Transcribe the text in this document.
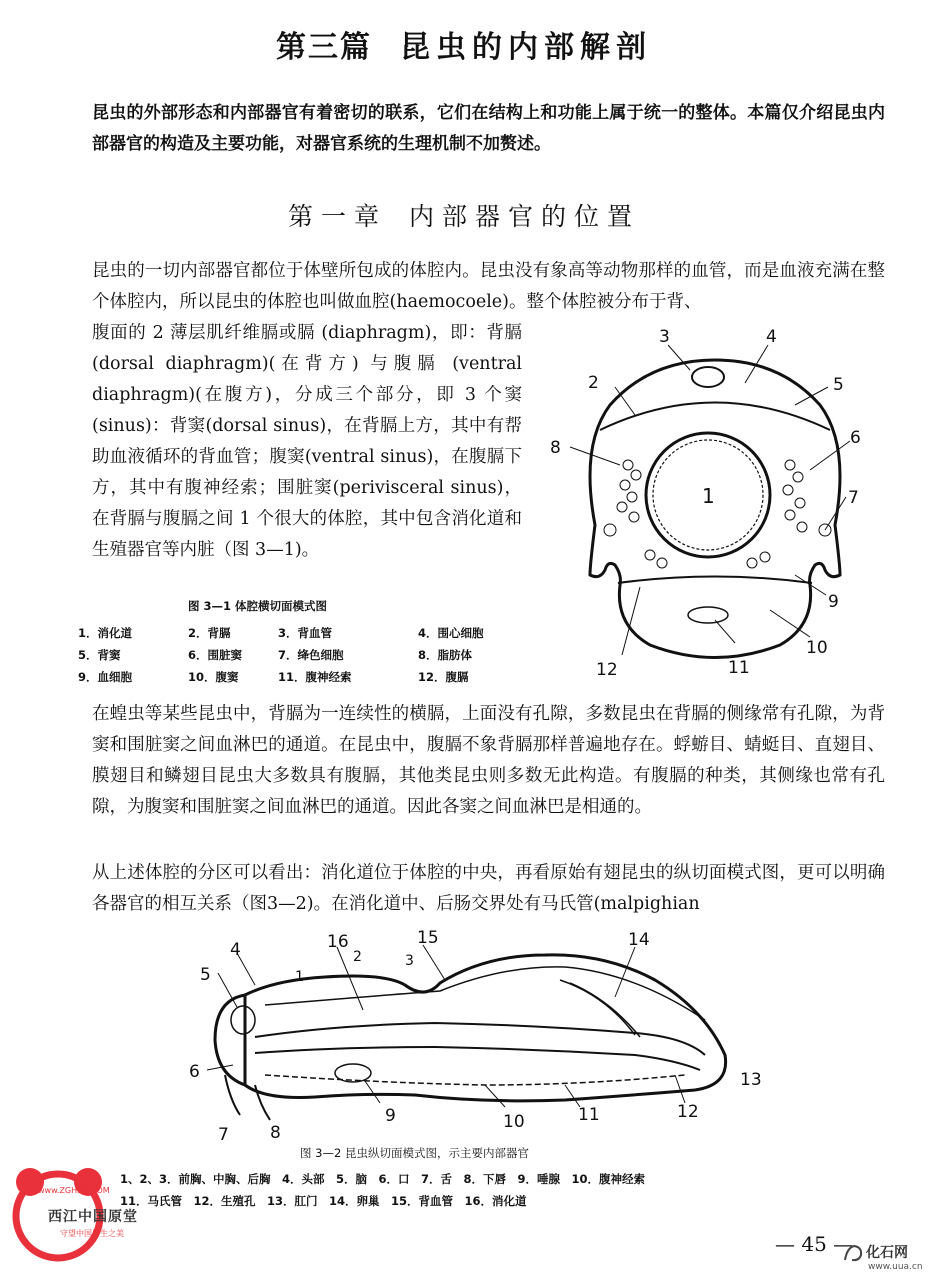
第三篇 昆虫的内部解剖
昆虫的外部形态和内部器官有着密切的联系，它们在结构上和功能上属于统一的整体。本篇仅介绍昆虫内部器官的构造及主要功能，对器官系统的生理机制不加赘述。
第一章 内部器官的位置
昆虫的一切内部器官都位于体壁所包成的体腔内。昆虫没有象高等动物那样的血管，而是血液充满在整个体腔内，所以昆虫的体腔也叫做血腔(haemocoele)。整个体腔被分布于背、
腹面的 2 薄层肌纤维膈或膈 (diaphragm)，即：背膈 (dorsal diaphragm)(在背方) 与腹膈 (ventral diaphragm)(在腹方)，分成三个部分，即 3 个窦(sinus)：背窦(dorsal sinus)，在背膈上方，其中有帮助血液循环的背血管；腹窦(ventral sinus)，在腹膈下方，其中有腹神经索；围脏窦(perivisceral sinus)，在背膈与腹膈之间 1 个很大的体腔，其中包含消化道和生殖器官等内脏（图 3—1)。
3	4
2	5
8	6
1	7
9
10
11
12
图 3—1 体腔横切面模式图
1．消化道	2．背膈	3．背血管	4．围心细胞
5．背窦	6．围脏窦	7．绛色细胞	8．脂肪体
9．血细胞	10．腹窦	11．腹神经索	12．腹膈
在蝗虫等某些昆虫中，背膈为一连续性的横膈，上面没有孔隙，多数昆虫在背膈的侧缘常有孔隙，为背窦和围脏窦之间血淋巴的通道。在昆虫中，腹膈不象背膈那样普遍地存在。蜉蝣目、蜻蜓目、直翅目、膜翅目和鳞翅目昆虫大多数具有腹膈，其他类昆虫则多数无此构造。有腹膈的种类，其侧缘也常有孔隙，为腹窦和围脏窦之间血淋巴的通道。因此各窦之间血淋巴是相通的。
从上述体腔的分区可以看出：消化道位于体腔的中央，再看原始有翅昆虫的纵切面模式图，更可以明确各器官的相互关系（图3—2)。在消化道中、后肠交界处有马氏管(malpighian
4
5	1
16
2	3
15	14
6
7 8
9	10	11	12
13
图 3—2 昆虫纵切面模式图，示主要内部器官
1、2、3．前胸、中胸、后胸　4．头部　5．脑　6．口　7．舌　8．下唇　9．唾腺　10．腹神经索
11．马氏管　12．生殖孔　13．肛门　14．卵巢　15．背血管　16．消化道
— 45 —
www.ZGHSD.COM
西江中国原堂
守望中国原生之美
化石网
www.uua.cn
